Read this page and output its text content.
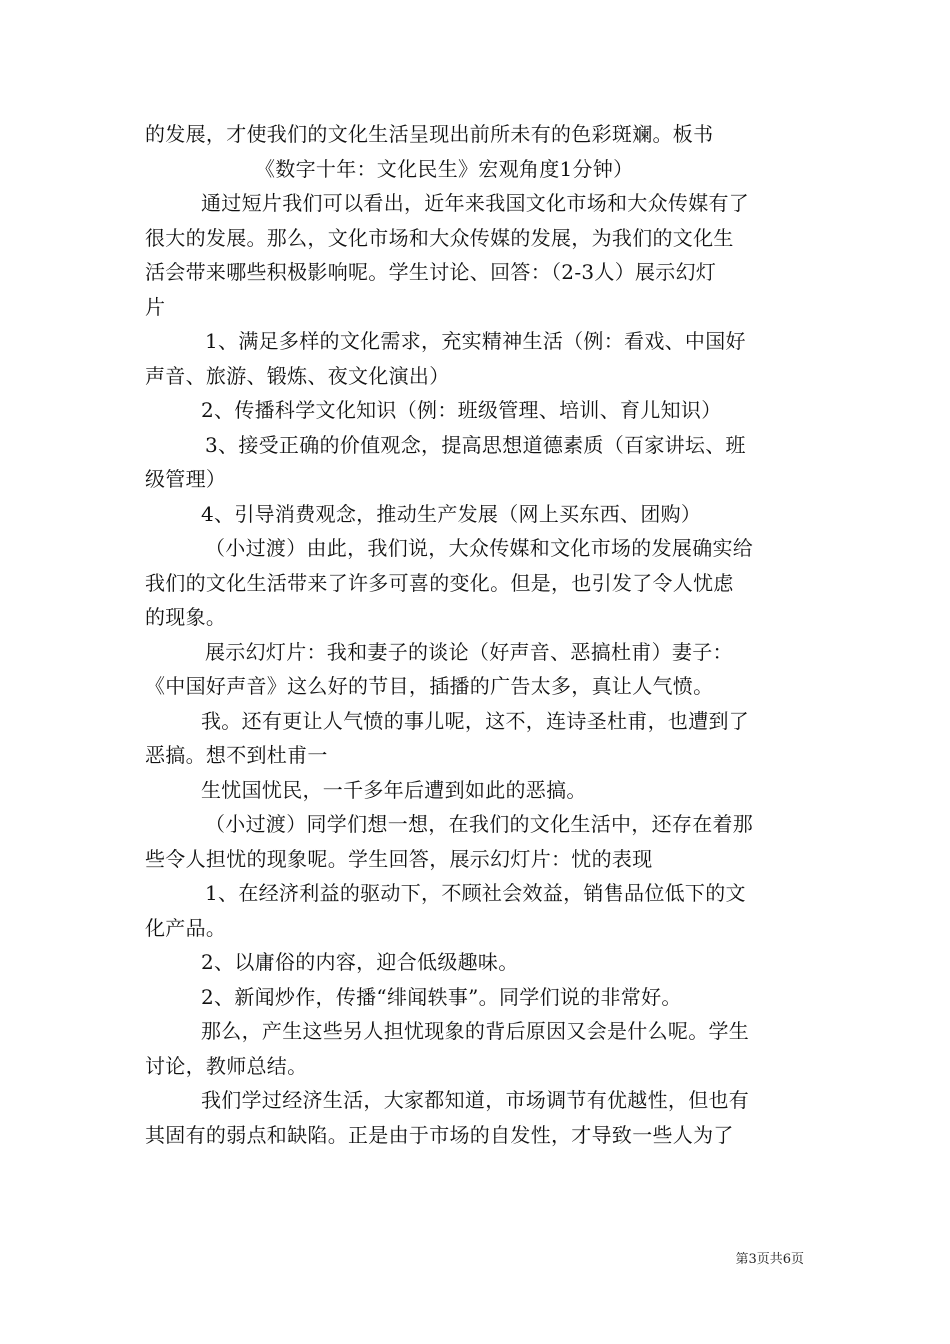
的发展，才使我们的文化生活呈现出前所未有的色彩斑斓。板书
《数字十年：文化民生》宏观角度1分钟）
通过短片我们可以看出，近年来我国文化市场和大众传媒有了
很大的发展。那么，文化市场和大众传媒的发展，为我们的文化生
活会带来哪些积极影响呢。学生讨论、回答：（2-3人）展示幻灯
片
1、满足多样的文化需求，充实精神生活（例：看戏、中国好
声音、旅游、锻炼、夜文化演出）
2、传播科学文化知识（例：班级管理、培训、育儿知识）
3、接受正确的价值观念，提高思想道德素质（百家讲坛、班
级管理）
4、引导消费观念，推动生产发展（网上买东西、团购）
（小过渡）由此，我们说，大众传媒和文化市场的发展确实给
我们的文化生活带来了许多可喜的变化。但是，也引发了令人忧虑
的现象。
展示幻灯片：我和妻子的谈论（好声音、恶搞杜甫）妻子：
《中国好声音》这么好的节目，插播的广告太多，真让人气愤。
我。还有更让人气愤的事儿呢，这不，连诗圣杜甫，也遭到了
恶搞。想不到杜甫一
生忧国忧民，一千多年后遭到如此的恶搞。
（小过渡）同学们想一想，在我们的文化生活中，还存在着那
些令人担忧的现象呢。学生回答，展示幻灯片：忧的表现
1、在经济利益的驱动下，不顾社会效益，销售品位低下的文
化产品。
2、以庸俗的内容，迎合低级趣味。
2、新闻炒作，传播“绯闻轶事”。同学们说的非常好。
那么，产生这些另人担忧现象的背后原因又会是什么呢。学生
讨论，教师总结。
我们学过经济生活，大家都知道，市场调节有优越性，但也有
其固有的弱点和缺陷。正是由于市场的自发性，才导致一些人为了
第3页共6页
